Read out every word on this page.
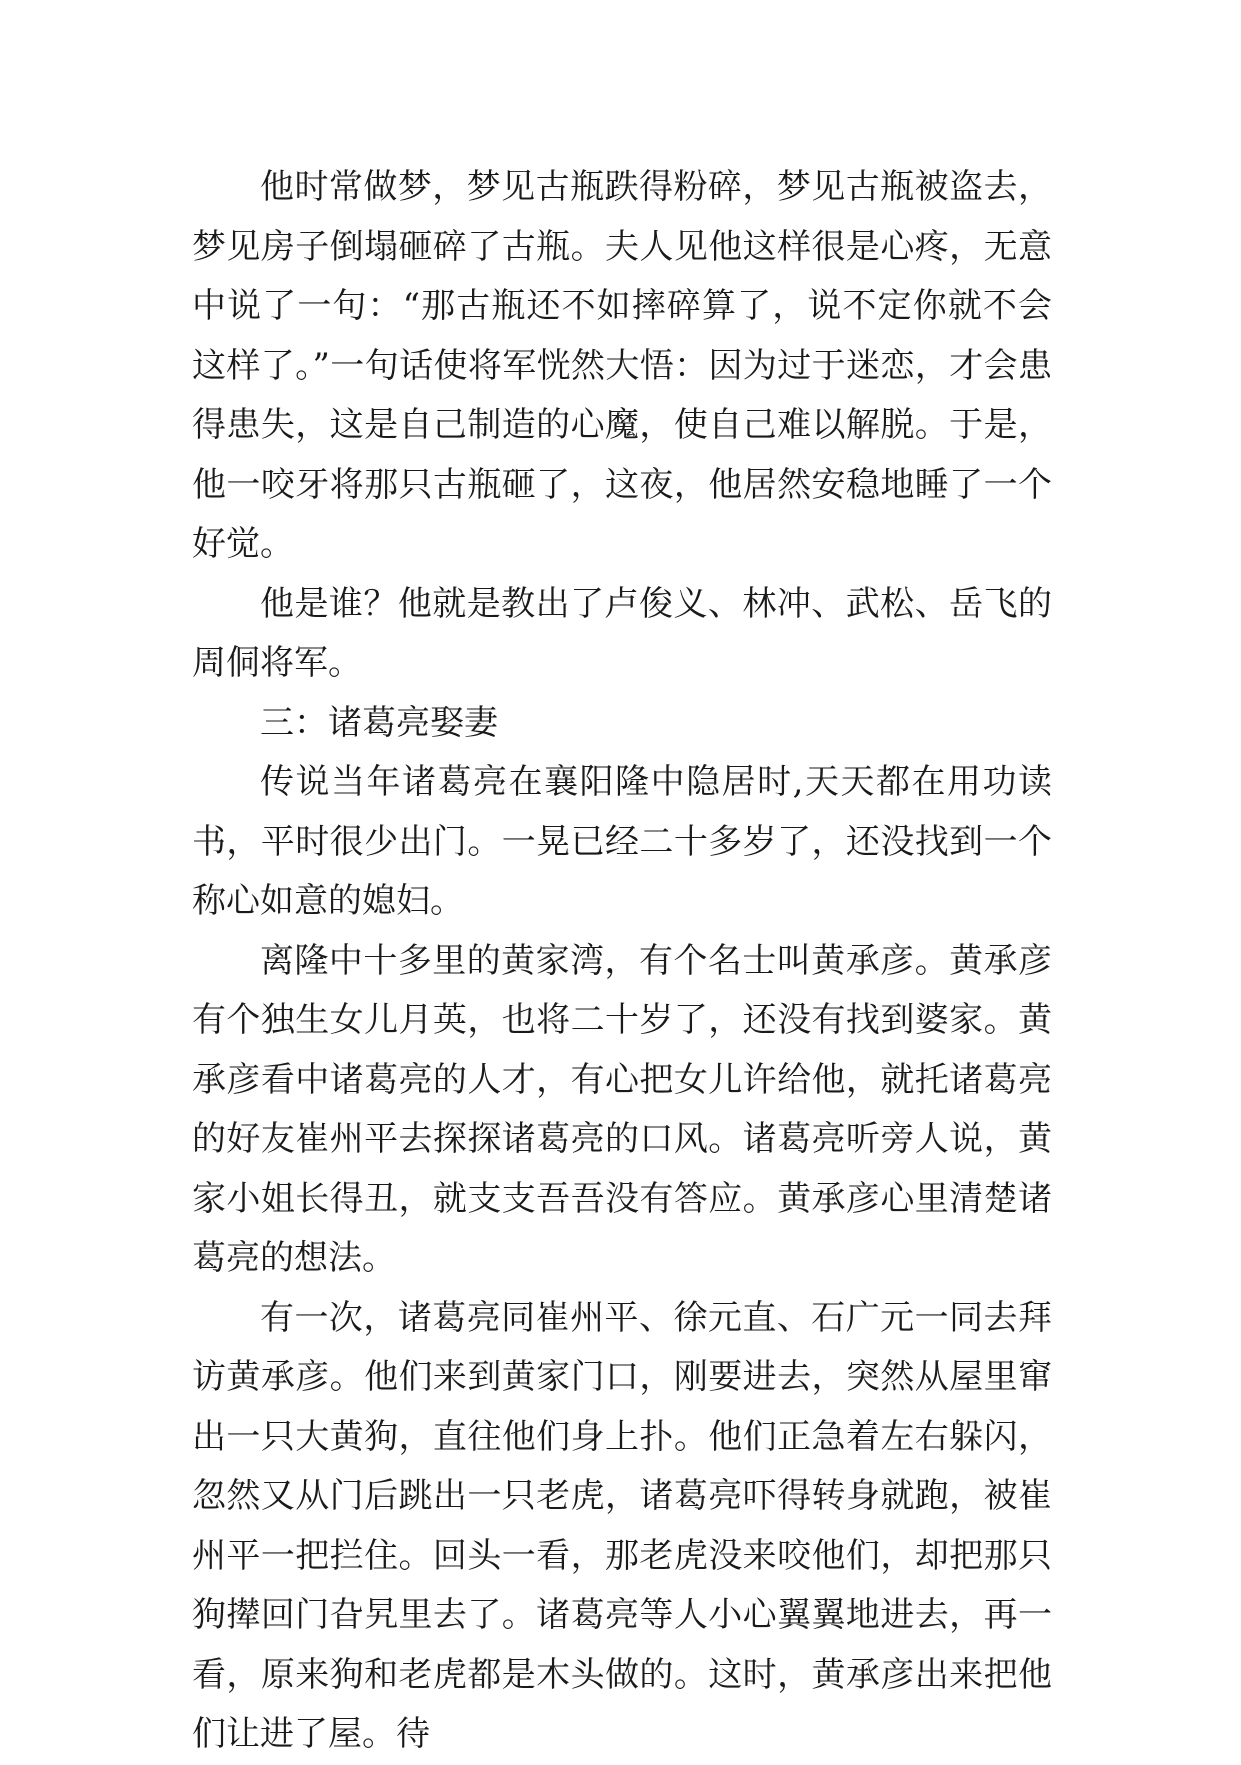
他时常做梦，梦见古瓶跌得粉碎，梦见古瓶被盗去，梦见房子倒塌砸碎了古瓶。夫人见他这样很是心疼，无意中说了一句：“那古瓶还不如摔碎算了，说不定你就不会这样了。”一句话使将军恍然大悟：因为过于迷恋，才会患得患失，这是自己制造的心魔，使自己难以解脱。于是，他一咬牙将那只古瓶砸了，这夜，他居然安稳地睡了一个好觉。

他是谁？他就是教出了卢俊义、林冲、武松、岳飞的周侗将军。

三：诸葛亮娶妻

传说当年诸葛亮在襄阳隆中隐居时,天天都在用功读书，平时很少出门。一晃已经二十多岁了，还没找到一个称心如意的媳妇。

离隆中十多里的黄家湾，有个名士叫黄承彦。黄承彦有个独生女儿月英，也将二十岁了，还没有找到婆家。黄承彦看中诸葛亮的人才，有心把女儿许给他，就托诸葛亮的好友崔州平去探探诸葛亮的口风。诸葛亮听旁人说，黄家小姐长得丑，就支支吾吾没有答应。黄承彦心里清楚诸葛亮的想法。

有一次，诸葛亮同崔州平、徐元直、石广元一同去拜访黄承彦。他们来到黄家门口，刚要进去，突然从屋里窜出一只大黄狗，直往他们身上扑。他们正急着左右躲闪，忽然又从门后跳出一只老虎，诸葛亮吓得转身就跑，被崔州平一把拦住。回头一看，那老虎没来咬他们，却把那只狗撵回门旮旯里去了。诸葛亮等人小心翼翼地进去，再一看，原来狗和老虎都是木头做的。这时，黄承彦出来把他们让进了屋。待
